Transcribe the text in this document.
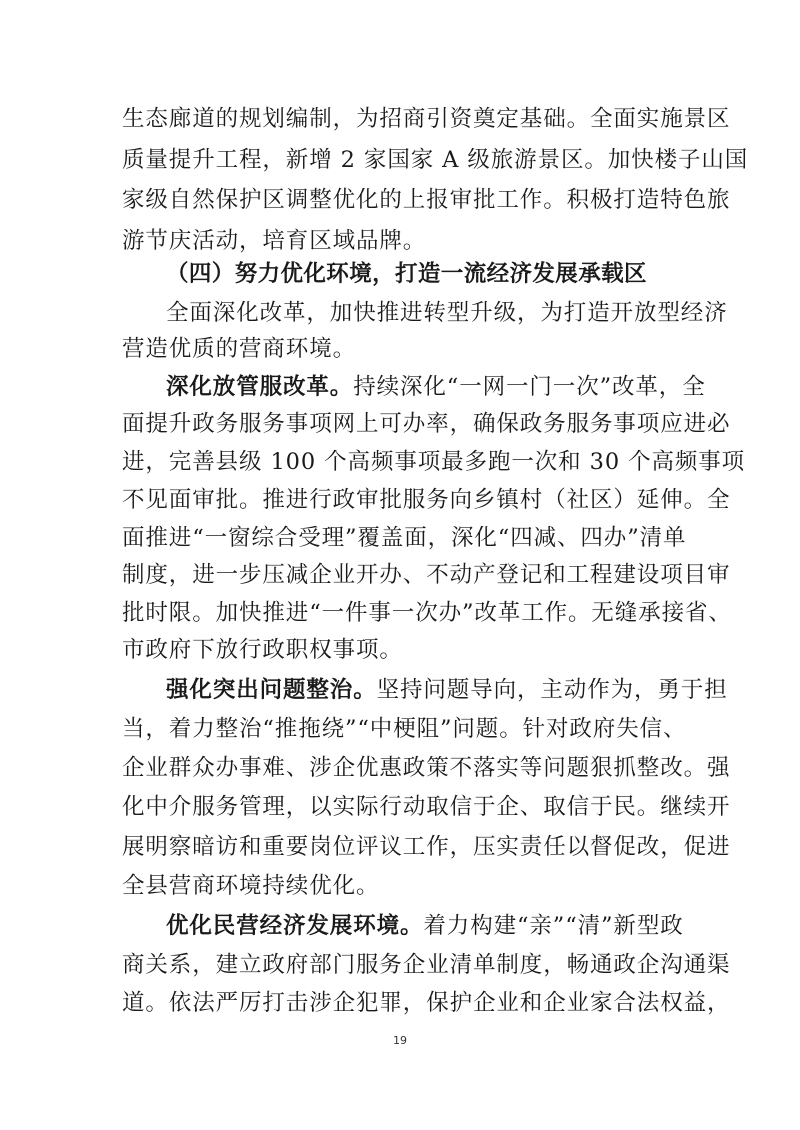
生态廊道的规划编制，为招商引资奠定基础。全面实施景区
质量提升工程，新增 2 家国家 A 级旅游景区。加快楼子山国
家级自然保护区调整优化的上报审批工作。积极打造特色旅
游节庆活动，培育区域品牌。
（四）努力优化环境，打造一流经济发展承载区
全面深化改革，加快推进转型升级，为打造开放型经济
营造优质的营商环境。
深化放管服改革。持续深化“一网一门一次”改革，全
面提升政务服务事项网上可办率，确保政务服务事项应进必
进，完善县级 100 个高频事项最多跑一次和 30 个高频事项
不见面审批。推进行政审批服务向乡镇村（社区）延伸。全
面推进“一窗综合受理”覆盖面，深化“四减、四办”清单
制度，进一步压减企业开办、不动产登记和工程建设项目审
批时限。加快推进“一件事一次办”改革工作。无缝承接省、
市政府下放行政职权事项。
强化突出问题整治。坚持问题导向，主动作为，勇于担
当，着力整治“推拖绕”“中梗阻”问题。针对政府失信、
企业群众办事难、涉企优惠政策不落实等问题狠抓整改。强
化中介服务管理，以实际行动取信于企、取信于民。继续开
展明察暗访和重要岗位评议工作，压实责任以督促改，促进
全县营商环境持续优化。
优化民营经济发展环境。着力构建“亲”“清”新型政
商关系，建立政府部门服务企业清单制度，畅通政企沟通渠
道。依法严厉打击涉企犯罪，保护企业和企业家合法权益，
19
